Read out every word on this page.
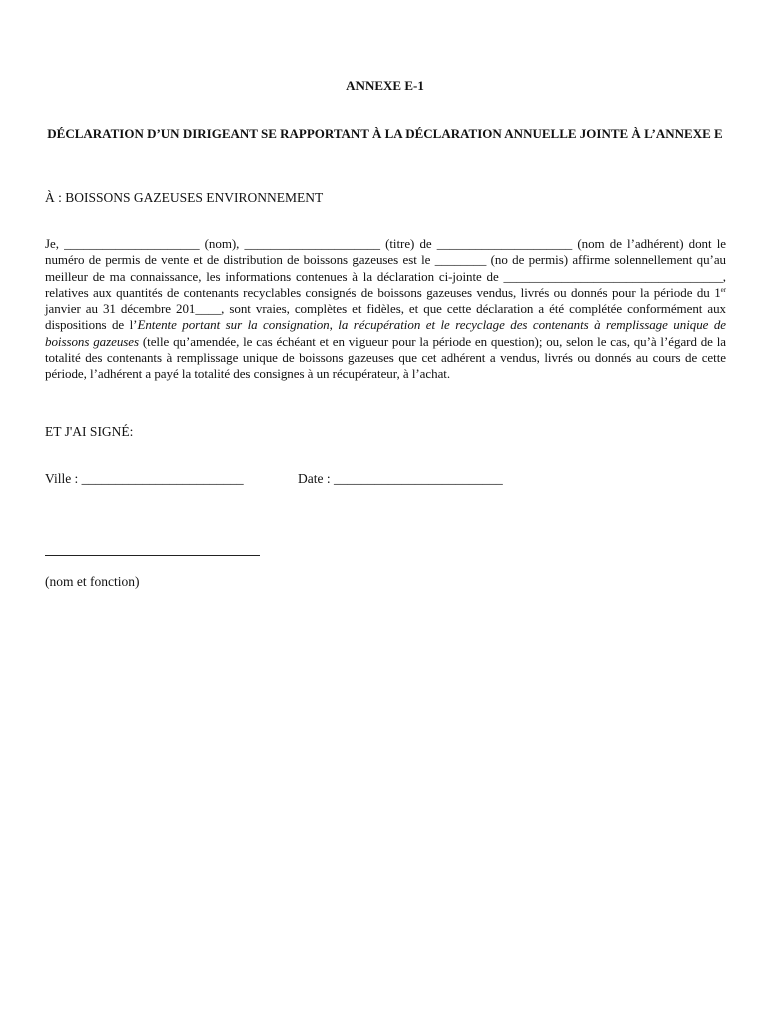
ANNEXE E-1
DÉCLARATION D’UN DIRIGEANT SE RAPPORTANT À LA DÉCLARATION ANNUELLE JOINTE À L’ANNEXE E
À : BOISSONS GAZEUSES ENVIRONNEMENT
Je, _____________________ (nom), _____________________ (titre) de _____________________ (nom de l’adhérent) dont le numéro de permis de vente et de distribution de boissons gazeuses est le ________ (no de permis) affirme solennellement qu’au meilleur de ma connaissance, les informations contenues à la déclaration ci-jointe de __________________________________, relatives aux quantités de contenants recyclables consignés de boissons gazeuses vendus, livrés ou donnés pour la période du 1er janvier au 31 décembre 201____, sont vraies, complètes et fidèles, et que cette déclaration a été complétée conformément aux dispositions de l’Entente portant sur la consignation, la récupération et le recyclage des contenants à remplissage unique de boissons gazeuses (telle qu’amendée, le cas échéant et en vigueur pour la période en question); ou, selon le cas, qu’à l’égard de la totalité des contenants à remplissage unique de boissons gazeuses que cet adhérent a vendus, livrés ou donnés au cours de cette période, l’adhérent a payé la totalité des consignes à un récupérateur, à l’achat.
ET J'AI SIGNÉ:
Ville : ________________________	Date : _________________________
(nom et fonction)
